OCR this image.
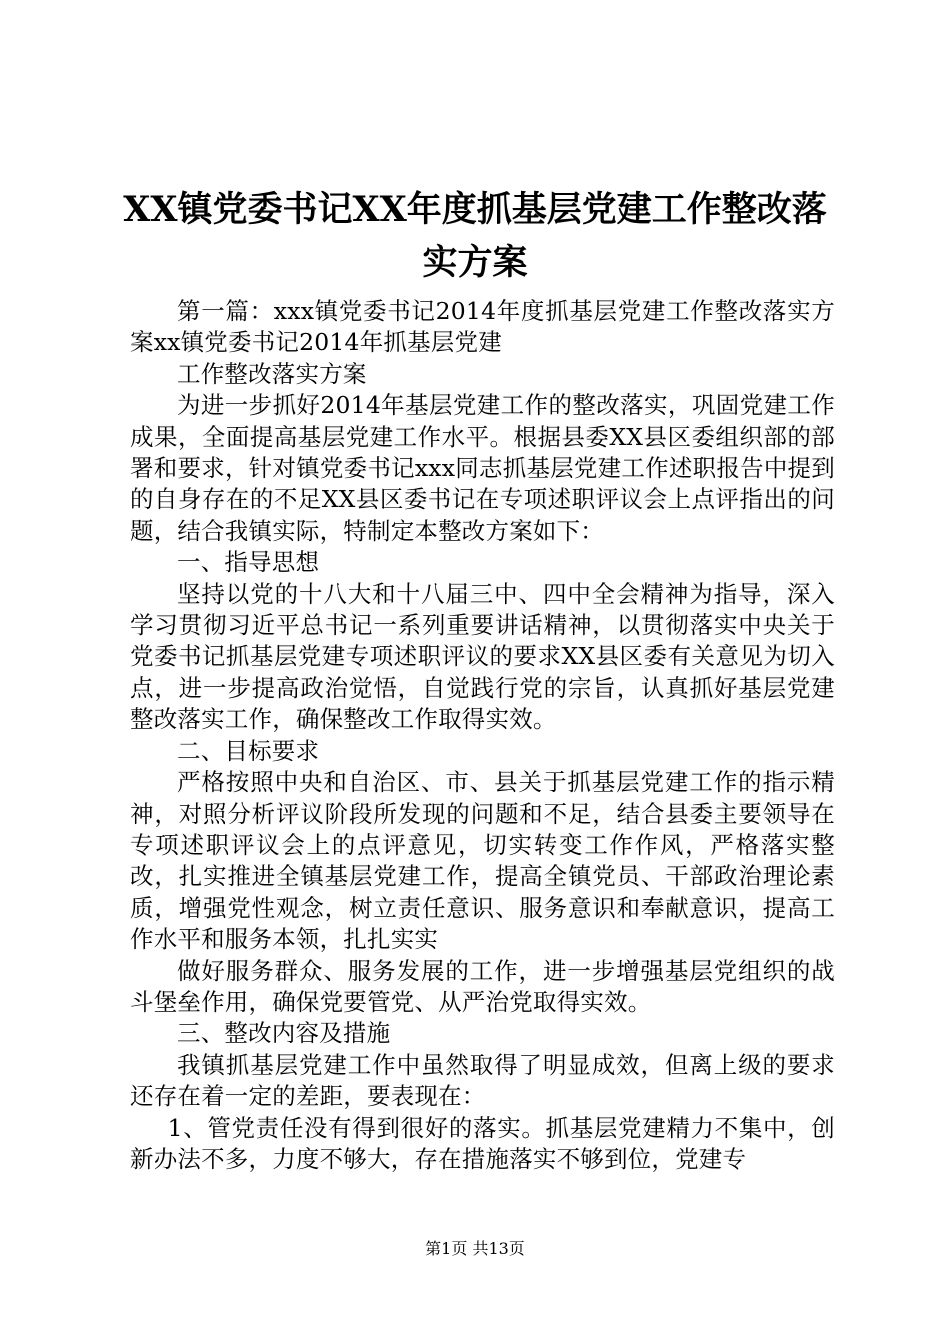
XX镇党委书记XX年度抓基层党建工作整改落
实方案

第一篇：xxx镇党委书记2014年度抓基层党建工作整改落实方案xx镇党委书记2014年抓基层党建

工作整改落实方案

为进一步抓好2014年基层党建工作的整改落实，巩固党建工作成果，全面提高基层党建工作水平。根据县委XX县区委组织部的部署和要求，针对镇党委书记xxx同志抓基层党建工作述职报告中提到的自身存在的不足XX县区委书记在专项述职评议会上点评指出的问题，结合我镇实际，特制定本整改方案如下：

一、指导思想

坚持以党的十八大和十八届三中、四中全会精神为指导，深入学习贯彻习近平总书记一系列重要讲话精神，以贯彻落实中央关于党委书记抓基层党建专项述职评议的要求XX县区委有关意见为切入点，进一步提高政治觉悟，自觉践行党的宗旨，认真抓好基层党建整改落实工作，确保整改工作取得实效。

二、目标要求

严格按照中央和自治区、市、县关于抓基层党建工作的指示精神，对照分析评议阶段所发现的问题和不足，结合县委主要领导在专项述职评议会上的点评意见，切实转变工作作风，严格落实整改，扎实推进全镇基层党建工作，提高全镇党员、干部政治理论素质，增强党性观念，树立责任意识、服务意识和奉献意识，提高工作水平和服务本领，扎扎实实

做好服务群众、服务发展的工作，进一步增强基层党组织的战斗堡垒作用，确保党要管党、从严治党取得实效。

三、整改内容及措施

我镇抓基层党建工作中虽然取得了明显成效，但离上级的要求还存在着一定的差距，要表现在：

1、管党责任没有得到很好的落实。抓基层党建精力不集中，创新办法不多，力度不够大，存在措施落实不够到位，党建专

第1页 共13页
